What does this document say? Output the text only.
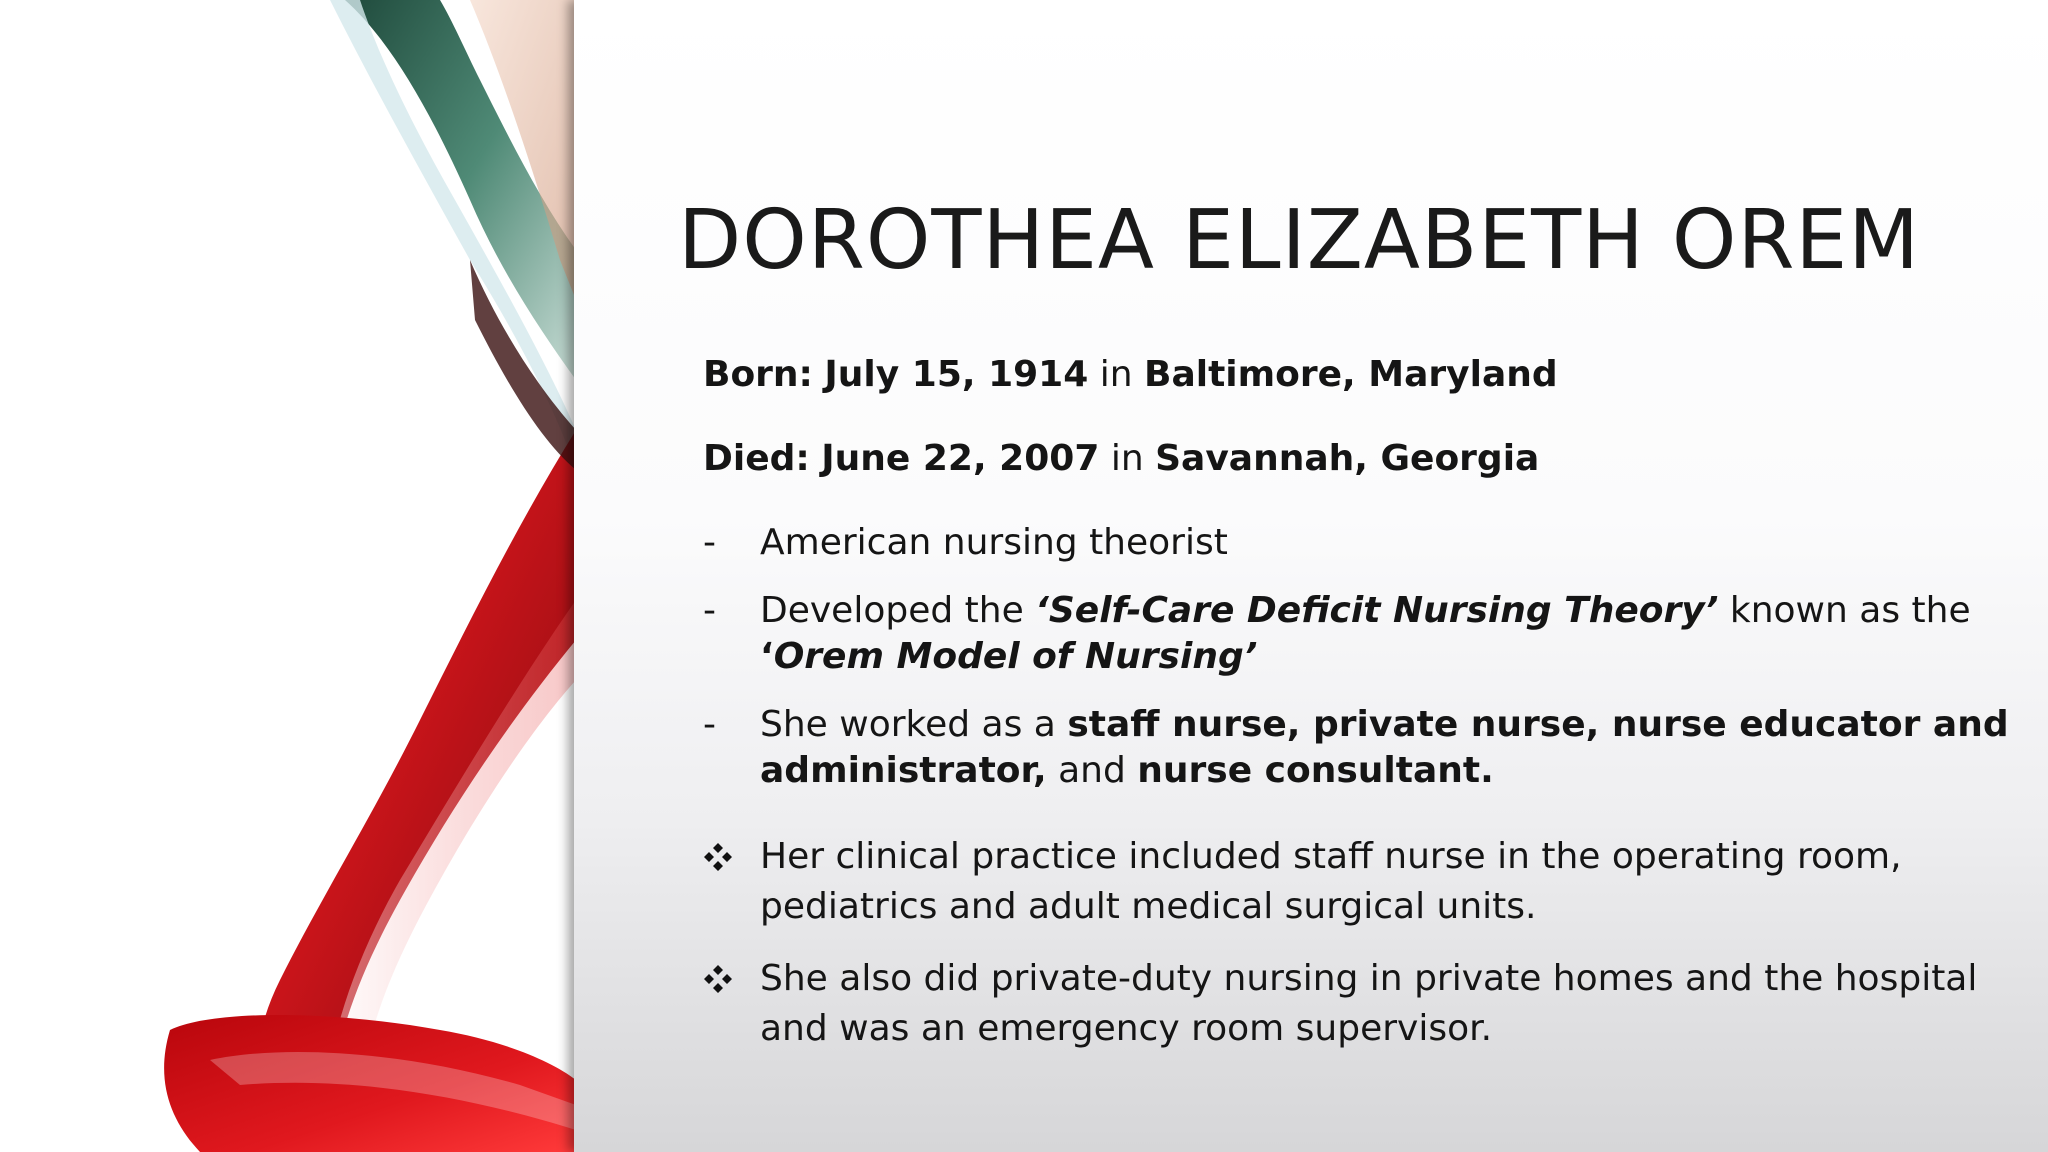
DOROTHEA ELIZABETH OREM

Born: July 15, 1914 in Baltimore, Maryland

Died: June 22, 2007 in Savannah, Georgia

-	American nursing theorist

-	Developed the ‘Self-Care Deficit Nursing Theory’ known as the

‘Orem Model of Nursing’

-	She worked as a staff nurse, private nurse, nurse educator and

administrator, and nurse consultant.

Her clinical practice included staff nurse in the operating room,

pediatrics and adult medical surgical units.

She also did private-duty nursing in private homes and the hospital

and was an emergency room supervisor.
